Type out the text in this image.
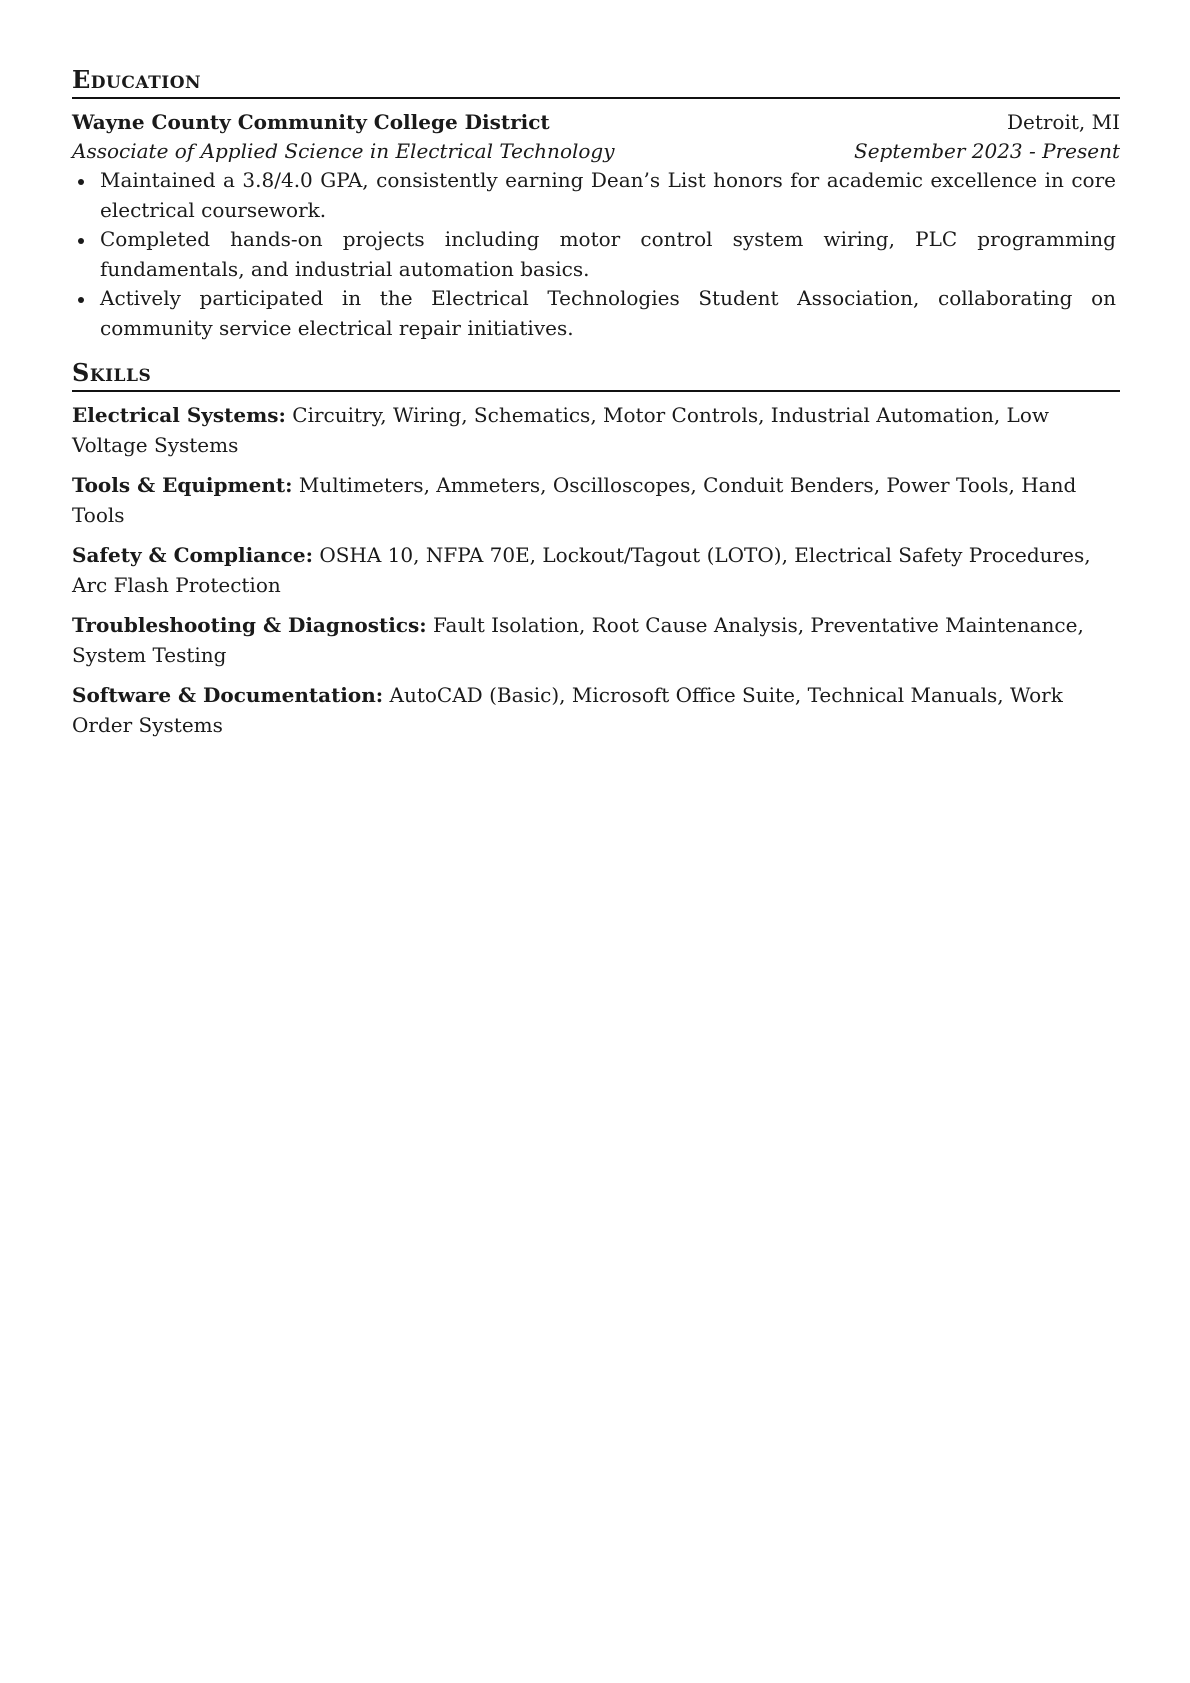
Education
Wayne County Community College District	Detroit, MI
Associate of Applied Science in Electrical Technology	September 2023 - Present
Maintained a 3.8/4.0 GPA, consistently earning Dean’s List honors for academic excellence in core electrical coursework.
Completed hands-on projects including motor control system wiring, PLC programming fundamentals, and industrial automation basics.
Actively participated in the Electrical Technologies Student Association, collaborating on community service electrical repair initiatives.
Skills
Electrical Systems: Circuitry, Wiring, Schematics, Motor Controls, Industrial Automation, Low Voltage Systems
Tools & Equipment: Multimeters, Ammeters, Oscilloscopes, Conduit Benders, Power Tools, Hand Tools
Safety & Compliance: OSHA 10, NFPA 70E, Lockout/Tagout (LOTO), Electrical Safety Procedures, Arc Flash Protection
Troubleshooting & Diagnostics: Fault Isolation, Root Cause Analysis, Preventative Maintenance, System Testing
Software & Documentation: AutoCAD (Basic), Microsoft Office Suite, Technical Manuals, Work Order Systems
